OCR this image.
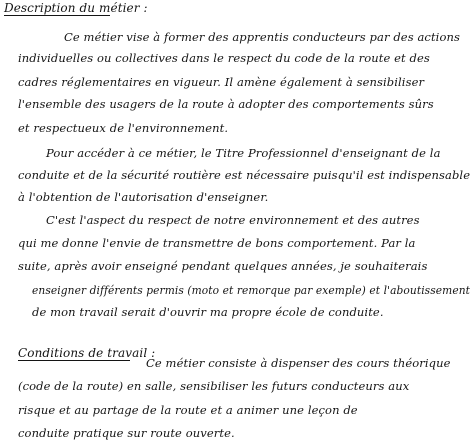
Description du métier :
Ce métier vise à former des apprentis conducteurs par des actions
individuelles ou collectives dans le respect du code de la route et des
cadres réglementaires en vigueur. Il amène également à sensibiliser
l'ensemble des usagers de la route à adopter des comportements sûrs
et respectueux de l'environnement.
Pour accéder à ce métier, le Titre Professionnel d'enseignant de la
conduite et de la sécurité routière est nécessaire puisqu'il est indispensable
à l'obtention de l'autorisation d'enseigner.
C'est l'aspect du respect de notre environnement et des autres
qui me donne l'envie de transmettre de bons comportement. Par la
suite, après avoir enseigné pendant quelques années, je souhaiterais
enseigner différents permis (moto et remorque par exemple) et l'aboutissement
de mon travail serait d'ouvrir ma propre école de conduite.
Conditions de travail :
Ce métier consiste à dispenser des cours théorique
(code de la route) en salle, sensibiliser les futurs conducteurs aux
risque et au partage de la route et a animer une leçon de
conduite pratique sur route ouverte.
